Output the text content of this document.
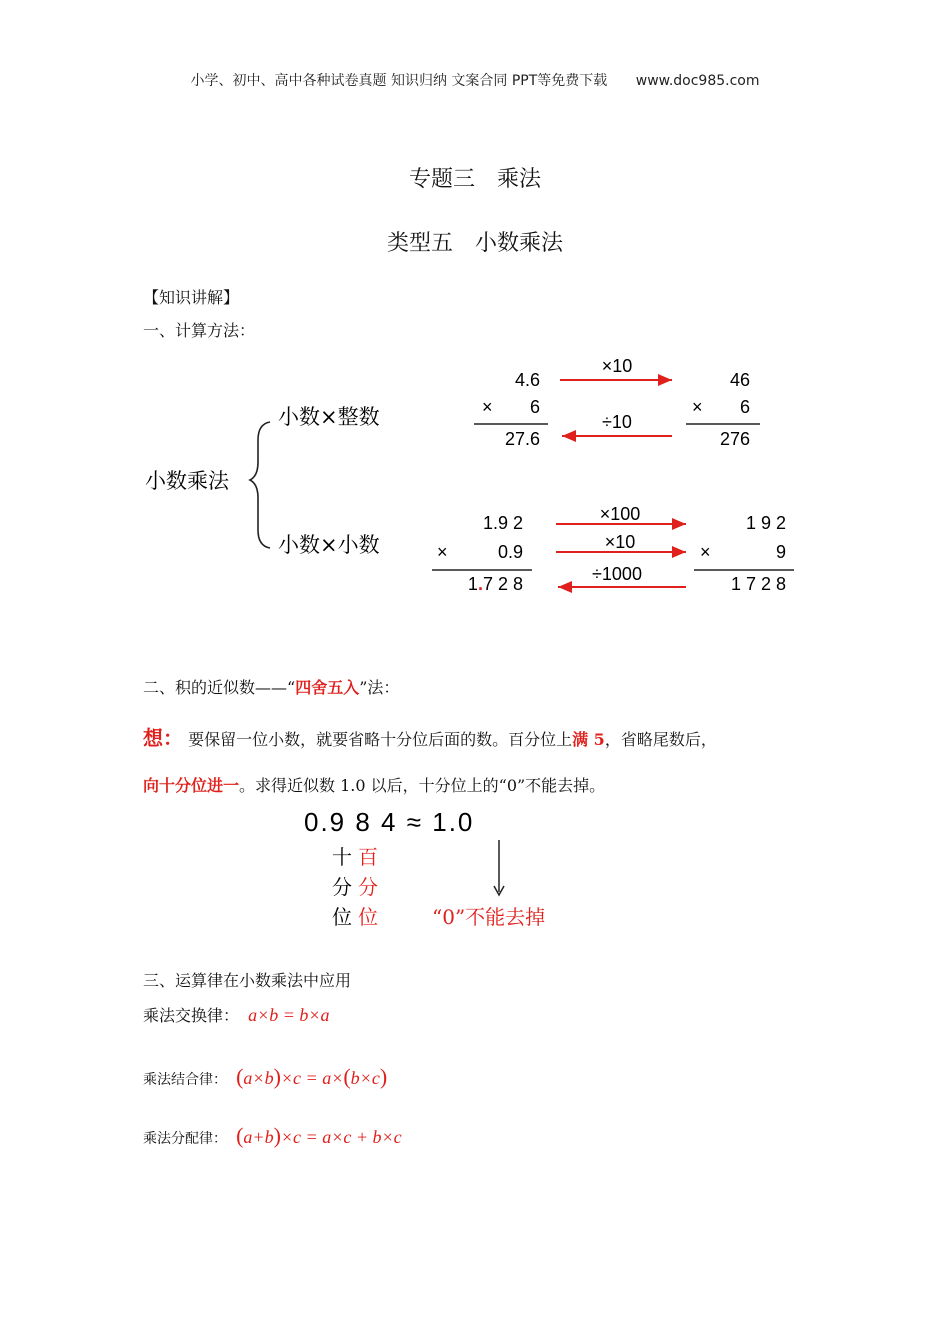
小学、初中、高中各种试卷真题 知识归纳 文案合同 PPT等免费下载 www.doc985.com
专题三　乘法
类型五　小数乘法
【知识讲解】
一、计算方法：
小数乘法
小数×整数
小数×小数
4.6
× 6
27.6
×10
÷10
46
× 6
276
1.9 2
×	0.9
1.7 2 8
×100
×10
÷1000
1 9 2
×	9
1 7 2 8
二、积的近似数——“四舍五入”法：
想： 要保留一位小数，就要省略十分位后面的数。百分位上满 5，省略尾数后，
向十分位进一。求得近似数 1.0 以后，十分位上的“0”不能去掉。
0.9 8 4 ≈ 1.0
十 百
分 分
位 位	“0”不能去掉
三、运算律在小数乘法中应用
乘法交换律： a×b = b×a
乘法结合律： (a×b)×c = a×(b×c)
乘法分配律： (a+b)×c = a×c + b×c
